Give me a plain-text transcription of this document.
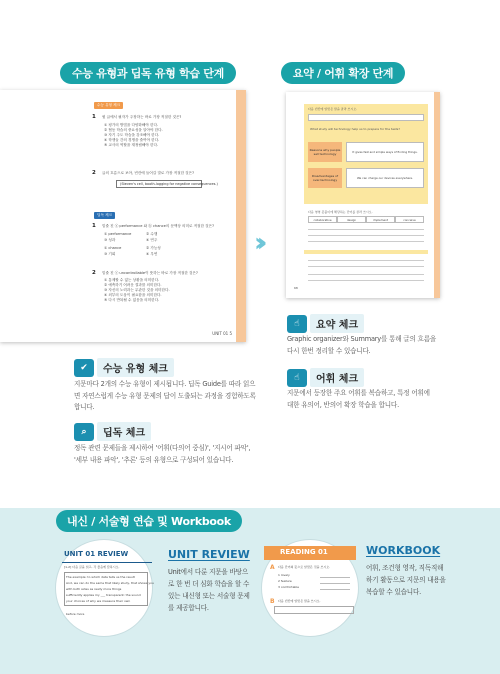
수능 유형과 딥독 유형 학습 단계	요약 / 어휘 확장 단계
수능 유형 체크
1 윗 글에서 필자가 주장하는 바로 가장 적절한 것은?
① 평가의 방법을 다양화해야 한다.
② 협동 학습의 중요성을 알아야 한다.
③ 자기 주도 학습을 강조해야 한다.
④ 학생들 간의 경쟁을 줄여야 한다.
⑤ 교사의 역할을 재정립해야 한다.
2 글의 흐름으로 보아, 빈칸에 들어갈 말로 가장 적절한 것은?
(Steven's cell, booth-logging for negative consequences.)
딥독 체크
1 밑줄 친 ⓐ performance 와 ⓑ chance의 문맥상 의미로 적절한 것은?
① performance	② 수행
③ 성과	④ 연주
① chance	② 가능성
③ 기회	④ 우연
2 밑줄 친 ⓒ uncontrollable이 뜻하는 바로 가장 적절한 것은?
① 통제할 수 없는 상황을 의미한다.
② 예측하기 어려운 결과를 의미한다.
③ 자신의 노력과는 무관한 것을 의미한다.
④ 외부의 도움이 필요함을 의미한다.
⑤ 다시 반복될 수 없음을 의미한다.
UNIT 01 5
››
다음 빈칸에 알맞은 말을 골라 쓰시오.
What study will technology help us to prepare for the tests?
Reasons why people sell technology	It gives fast and simple ways of finding things.
Disadvantages of over-technology	We can charge our devices everywhere.
다음 영영 뜻풀이에 해당하는 단어를 골라 쓰시오.
collaborative	design	implement	conceive
68
☝	요약 체크
Graphic organizer와 Summary를 통해 글의 흐름을
다시 한번 정리할 수 있습니다.
☝	어휘 체크
지문에서 등장한 주요 어휘를 복습하고, 특정 어휘에
대한 유의어, 반의어 확장 학습을 합니다.
✔	수능 유형 체크
지문마다 2개의 수능 유형이 제시됩니다. 딥독 Guide를 따라 읽으
면 자연스럽게 수능 유형 문제의 답이 도출되는 과정을 경험하도록
합니다.
⌕	딥독 체크
정독 관련 문제들을 제시하여 '어휘(다의어 중심)', '지시어 파악',
'세부 내용 파악', '추론' 등의 유형으로 구성되어 있습니다.
내신 / 서술형 연습 및 Workbook
UNIT 01 REVIEW
[1-2] 다음 글을 읽고, 각 물음에 답하시오.
The example: to which data tells us the result
And, we can do the same that likely study, that shows you
with both sides as really more things
sufficiently applies my ___ transparent: the sound
your choices of why we measure their own
before more
UNIT REVIEW
Unit에서 다룬 지문을 바탕으
로 한 번 더 심화 학습을 할 수
있는 내신형 또는 서술형 문제
를 제공합니다.
READING 01
A 다음 단어의 뜻으로 알맞은 것을 쓰시오.
1 lovely
2 feature
3 comfortable
B 다음 빈칸에 알맞은 말을 쓰시오.
WORKBOOK
어휘, 조건형 영작, 직독직해
하기 활동으로 지문의 내용을
복습할 수 있습니다.
